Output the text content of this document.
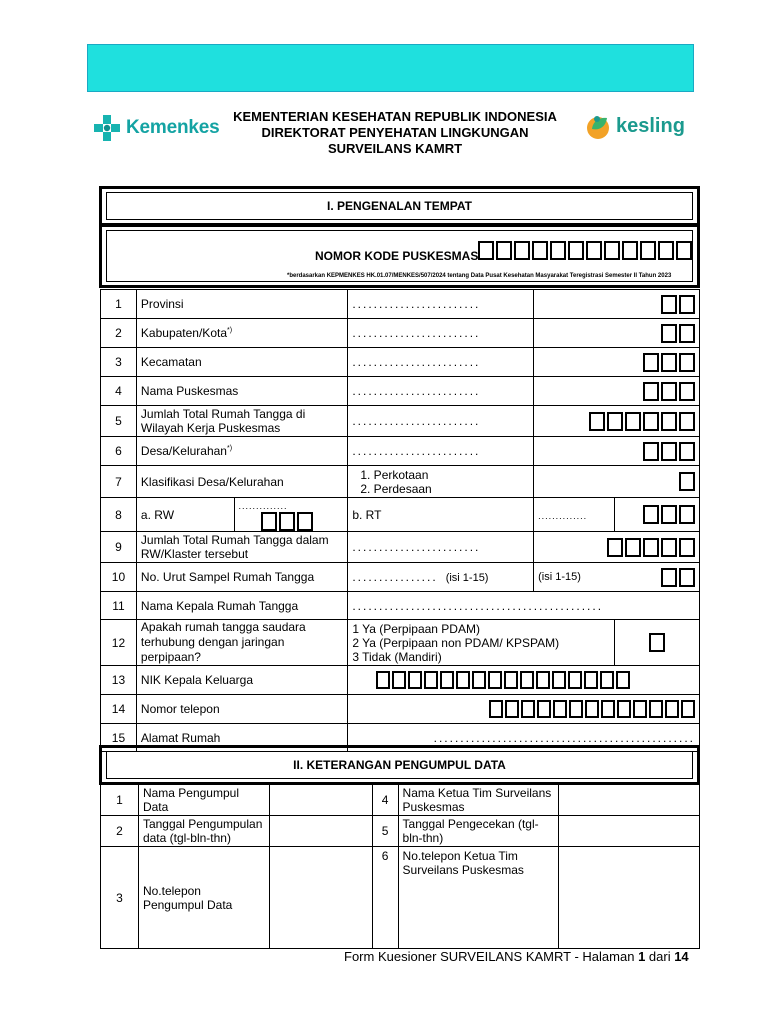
Kemenkes
KEMENTERIAN KESEHATAN REPUBLIK INDONESIA
DIREKTORAT PENYEHATAN LINGKUNGAN
SURVEILANS KAMRT
kesling
I. PENGENALAN TEMPAT
NOMOR KODE PUSKESMAS
*berdasarkan KEPMENKES HK.01.07/MENKES/507/2024 tentang Data Pusat Kesehatan Masyarakat Teregistrasi Semester II Tahun 2023
1	Provinsi		........................		

2	Kabupaten/Kota*)		........................		

3	Kecamatan		........................		

4	Nama Puskesmas		........................		

5	Jumlah Total Rumah Tangga di Wilayah Kerja Puskesmas		........................		

6	Desa/Kelurahan*)		........................		

7	Klasifikasi Desa/Kelurahan		1. Perkotaan
2. Perdesaan		

8	a. RW	..............	b. RT	..............	

9	Jumlah Total Rumah Tangga dalam RW/Klaster tersebut		........................		

10	No. Urut Sampel Rumah Tangga		................ (isi 1-15)	(isi 1-15)	

11	Nama Kepala Rumah Tangga		...............................................		
12	Apakah rumah tangga saudara terhubung dengan jaringan perpipaan?		1 Ya (Perpipaan PDAM)
2 Ya (Perpipaan non PDAM/ KPSPAM)
3 Tidak (Mandiri)		

13	NIK Kepala Keluarga				

14	Nomor telepon				

15	Alamat Rumah		.................................................		
II. KETERANGAN PENGUMPUL DATA
1	Nama Pengumpul Data		4	Nama Ketua Tim Surveilans Puskesmas	
2	Tanggal Pengumpulan data (tgl-bln-thn)		5	Tanggal Pengecekan (tgl-bln-thn)	
3	No.telepon Pengumpul Data		6	No.telepon Ketua Tim Surveilans Puskesmas	
Form Kuesioner SURVEILANS KAMRT - Halaman 1 dari 14
